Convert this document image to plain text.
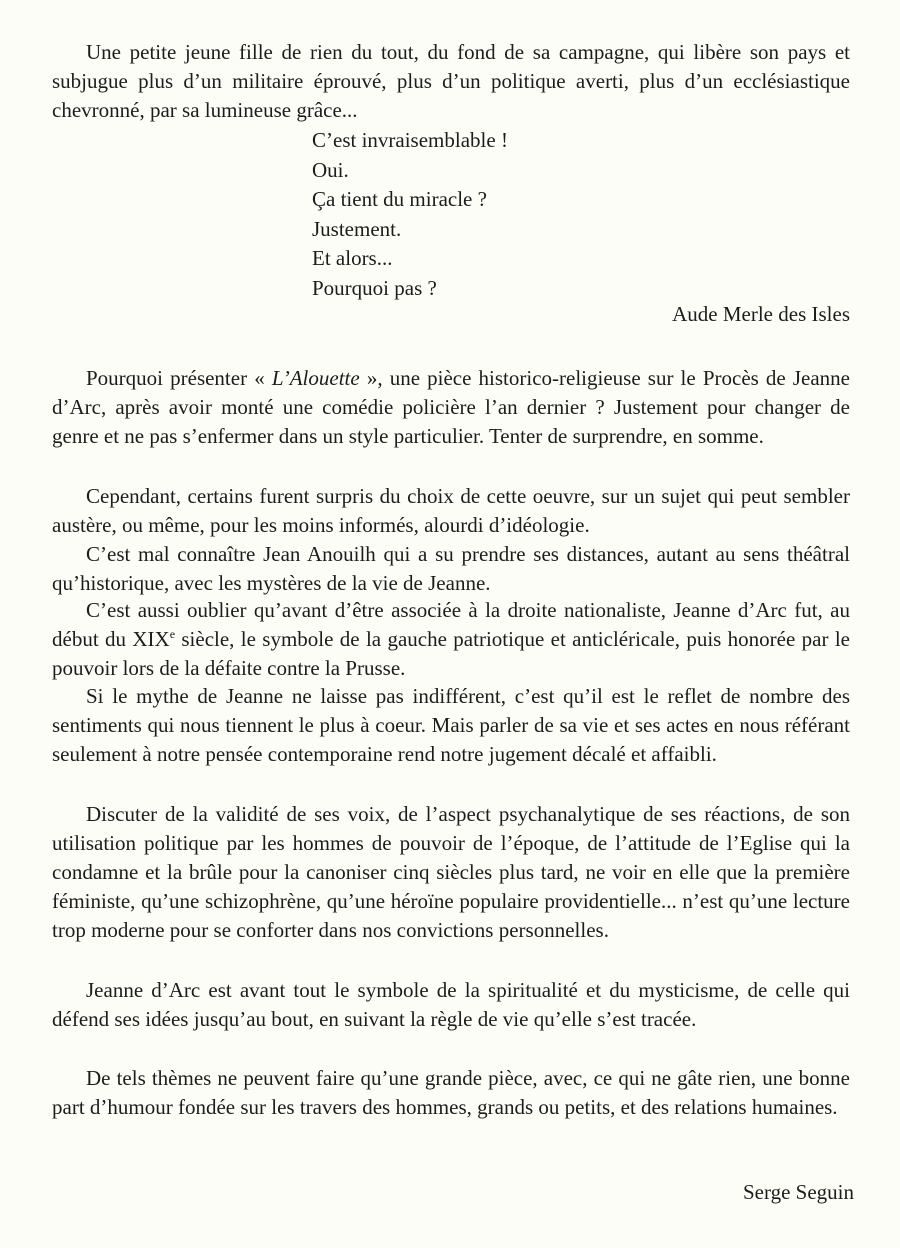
Une petite jeune fille de rien du tout, du fond de sa campagne, qui libère son pays et subjugue plus d’un militaire éprouvé, plus d’un politique averti, plus d’un ecclésiastique chevronné, par sa lumineuse grâce...

C’est invraisemblable !
Oui.
Ça tient du miracle ?
Justement.
Et alors...
Pourquoi pas ?
Aude Merle des Isles

Pourquoi présenter « L’Alouette », une pièce historico-religieuse sur le Procès de Jeanne d’Arc, après avoir monté une comédie policière l’an dernier ? Justement pour changer de genre et ne pas s’enfermer dans un style particulier. Tenter de surprendre, en somme.

Cependant, certains furent surpris du choix de cette oeuvre, sur un sujet qui peut sembler austère, ou même, pour les moins informés, alourdi d’idéologie.

C’est mal connaître Jean Anouilh qui a su prendre ses distances, autant au sens théâtral qu’historique, avec les mystères de la vie de Jeanne.

C’est aussi oublier qu’avant d’être associée à la droite nationaliste, Jeanne d’Arc fut, au début du XIXe siècle, le symbole de la gauche patriotique et anticléricale, puis honorée par le pouvoir lors de la défaite contre la Prusse.

Si le mythe de Jeanne ne laisse pas indifférent, c’est qu’il est le reflet de nombre des sentiments qui nous tiennent le plus à coeur. Mais parler de sa vie et ses actes en nous référant seulement à notre pensée contemporaine rend notre jugement décalé et affaibli.

Discuter de la validité de ses voix, de l’aspect psychanalytique de ses réactions, de son utilisation politique par les hommes de pouvoir de l’époque, de l’attitude de l’Eglise qui la condamne et la brûle pour la canoniser cinq siècles plus tard, ne voir en elle que la première féministe, qu’une schizophrène, qu’une héroïne populaire providentielle... n’est qu’une lecture trop moderne pour se conforter dans nos convictions personnelles.

Jeanne d’Arc est avant tout le symbole de la spiritualité et du mysticisme, de celle qui défend ses idées jusqu’au bout, en suivant la règle de vie qu’elle s’est tracée.

De tels thèmes ne peuvent faire qu’une grande pièce, avec, ce qui ne gâte rien, une bonne part d’humour fondée sur les travers des hommes, grands ou petits, et des relations humaines.

Serge Seguin
